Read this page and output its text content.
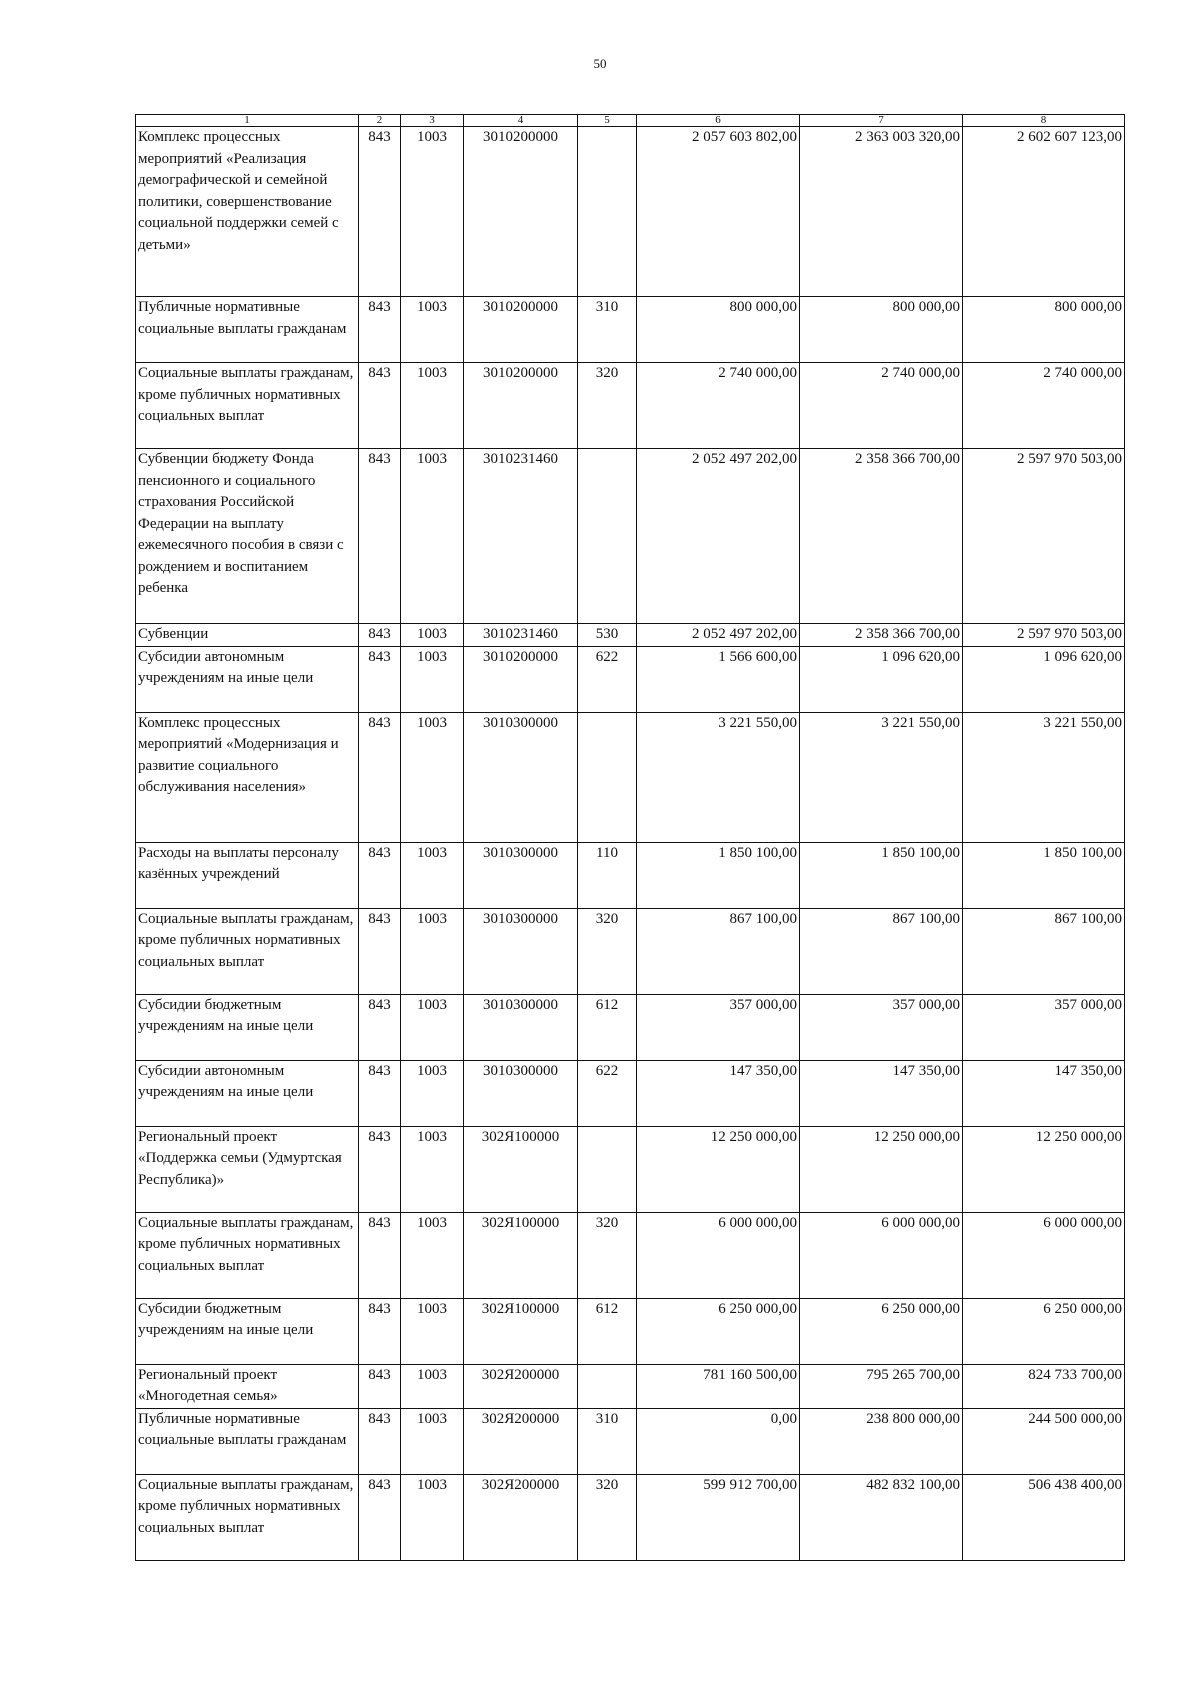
50
1	2	3	4	5	6	7	8
Комплекс процессных мероприятий «Реализация демографической и семейной политики, совершенствование социальной поддержки семей с детьми»	843	1003	3010200000		2 057 603 802,00	2 363 003 320,00	2 602 607 123,00
Публичные нормативные социальные выплаты гражданам	843	1003	3010200000	310	800 000,00	800 000,00	800 000,00
Социальные выплаты гражданам, кроме публичных нормативных социальных выплат	843	1003	3010200000	320	2 740 000,00	2 740 000,00	2 740 000,00
Субвенции бюджету Фонда пенсионного и социального страхования Российской Федерации на выплату ежемесячного пособия в связи с рождением и воспитанием ребенка	843	1003	3010231460		2 052 497 202,00	2 358 366 700,00	2 597 970 503,00
Субвенции	843	1003	3010231460	530	2 052 497 202,00	2 358 366 700,00	2 597 970 503,00
Субсидии автономным учреждениям на иные цели	843	1003	3010200000	622	1 566 600,00	1 096 620,00	1 096 620,00
Комплекс процессных мероприятий «Модернизация и развитие социального обслуживания населения»	843	1003	3010300000		3 221 550,00	3 221 550,00	3 221 550,00
Расходы на выплаты персоналу казённых учреждений	843	1003	3010300000	110	1 850 100,00	1 850 100,00	1 850 100,00
Социальные выплаты гражданам, кроме публичных нормативных социальных выплат	843	1003	3010300000	320	867 100,00	867 100,00	867 100,00
Субсидии бюджетным учреждениям на иные цели	843	1003	3010300000	612	357 000,00	357 000,00	357 000,00
Субсидии автономным учреждениям на иные цели	843	1003	3010300000	622	147 350,00	147 350,00	147 350,00
Региональный проект «Поддержка семьи (Удмуртская Республика)»	843	1003	302Я100000		12 250 000,00	12 250 000,00	12 250 000,00
Социальные выплаты гражданам, кроме публичных нормативных социальных выплат	843	1003	302Я100000	320	6 000 000,00	6 000 000,00	6 000 000,00
Субсидии бюджетным учреждениям на иные цели	843	1003	302Я100000	612	6 250 000,00	6 250 000,00	6 250 000,00
Региональный проект «Многодетная семья»	843	1003	302Я200000		781 160 500,00	795 265 700,00	824 733 700,00
Публичные нормативные социальные выплаты гражданам	843	1003	302Я200000	310	0,00	238 800 000,00	244 500 000,00
Социальные выплаты гражданам, кроме публичных нормативных социальных выплат	843	1003	302Я200000	320	599 912 700,00	482 832 100,00	506 438 400,00
